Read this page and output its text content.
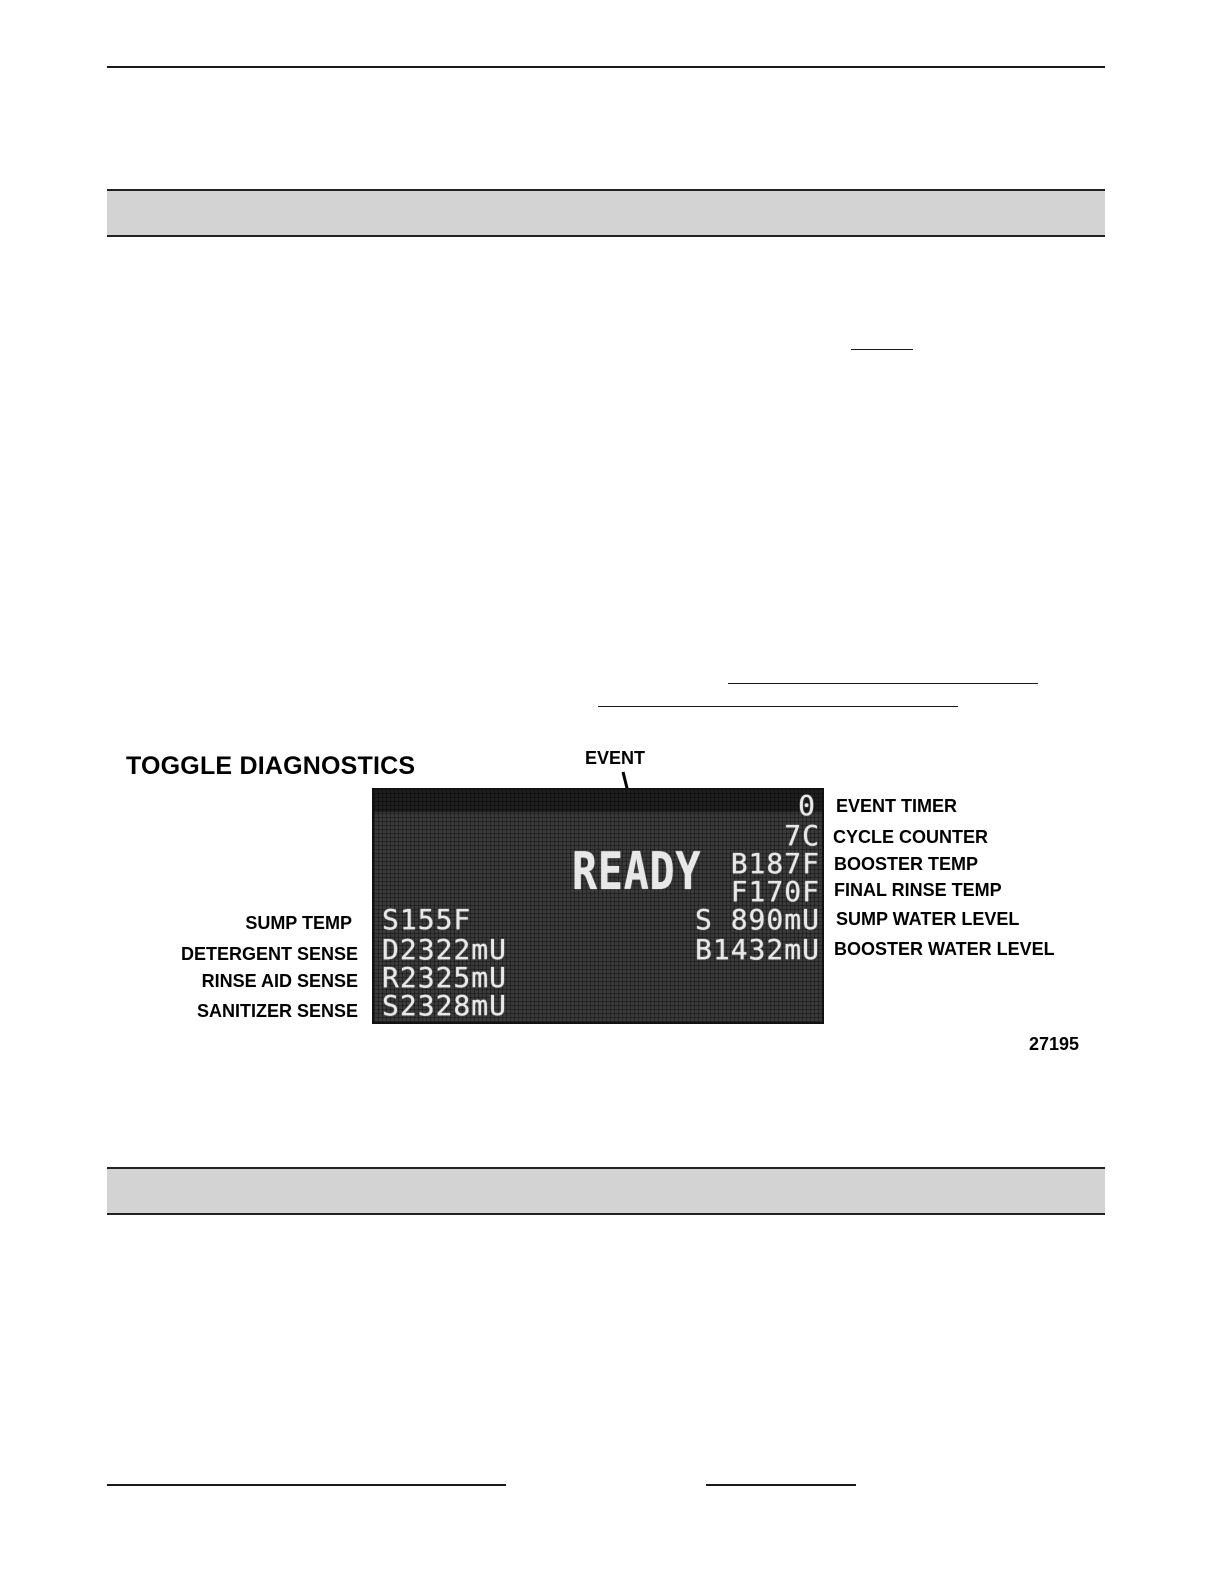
TOGGLE DIAGNOSTICS	EVENT
0
7C
READY B187F
F170F
S155F	S 890mU
D2322mU	B1432mU
R2325mU
S2328mU
EVENT TIMER
CYCLE COUNTER
BOOSTER TEMP
FINAL RINSE TEMP
SUMP WATER LEVEL
BOOSTER WATER LEVEL
SUMP TEMP
DETERGENT SENSE
RINSE AID SENSE
SANITIZER SENSE
27195
